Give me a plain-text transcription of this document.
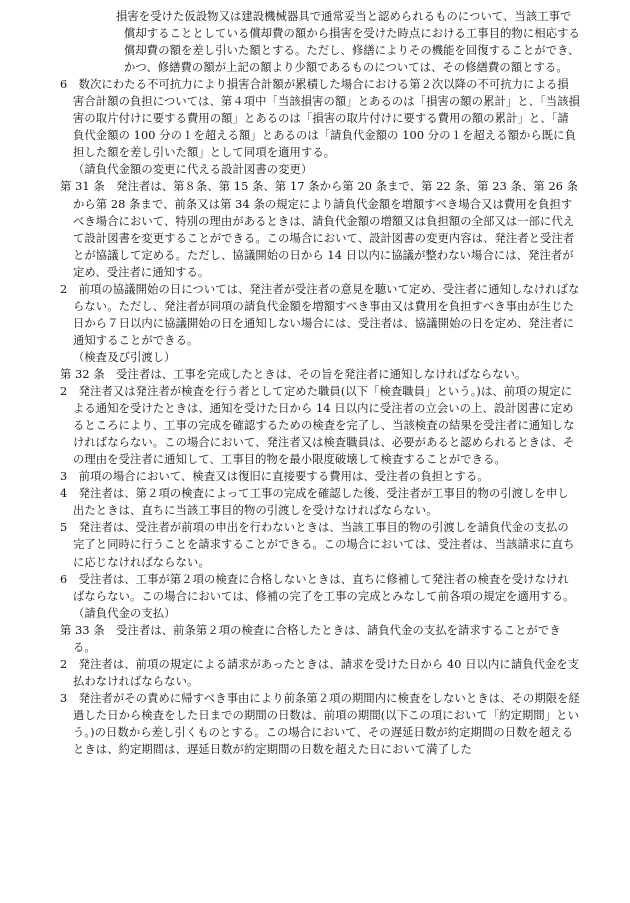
損害を受けた仮設物又は建設機械器具で通常妥当と認められるものについて、当該工事で償却することとしている償却費の額から損害を受けた時点における工事目的物に相応する償却費の額を差し引いた額とする。ただし、修繕によりその機能を回復することができ、かつ、修繕費の額が上記の額より少額であるものについては、その修繕費の額とする。

6　数次にわたる不可抗力により損害合計額が累積した場合における第２次以降の不可抗力による損害合計額の負担については、第４項中「当該損害の額」とあるのは「損害の額の累計」と、「当該損害の取片付けに要する費用の額」とあるのは「損害の取片付けに要する費用の額の累計」と、「請負代金額の 100 分の１を超える額」とあるのは「請負代金額の 100 分の１を超える額から既に負担した額を差し引いた額」として同項を適用する。

（請負代金額の変更に代える設計図書の変更）

第 31 条　発注者は、第８条、第 15 条、第 17 条から第 20 条まで、第 22 条、第 23 条、第 26 条から第 28 条まで、前条又は第 34 条の規定により請負代金額を増額すべき場合又は費用を負担すべき場合において、特別の理由があるときは、請負代金額の増額又は負担額の全部又は一部に代えて設計図書を変更することができる。この場合において、設計図書の変更内容は、発注者と受注者とが協議して定める。ただし、協議開始の日から 14 日以内に協議が整わない場合には、発注者が定め、受注者に通知する。

2　前項の協議開始の日については、発注者が受注者の意見を聴いて定め、受注者に通知しなければならない。ただし、発注者が同項の請負代金額を増額すべき事由又は費用を負担すべき事由が生じた日から７日以内に協議開始の日を通知しない場合には、受注者は、協議開始の日を定め、発注者に通知することができる。

（検査及び引渡し）

第 32 条　受注者は、工事を完成したときは、その旨を発注者に通知しなければならない。

2　発注者又は発注者が検査を行う者として定めた職員(以下「検査職員」という。)は、前項の規定による通知を受けたときは、通知を受けた日から 14 日以内に受注者の立会いの上、設計図書に定めるところにより、工事の完成を確認するための検査を完了し、当該検査の結果を受注者に通知しなければならない。この場合において、発注者又は検査職員は、必要があると認められるときは、その理由を受注者に通知して、工事目的物を最小限度破壊して検査することができる。

3　前項の場合において、検査又は復旧に直接要する費用は、受注者の負担とする。

4　発注者は、第２項の検査によって工事の完成を確認した後、受注者が工事目的物の引渡しを申し出たときは、直ちに当該工事目的物の引渡しを受けなければならない。

5　発注者は、受注者が前項の申出を行わないときは、当該工事目的物の引渡しを請負代金の支払の完了と同時に行うことを請求することができる。この場合においては、受注者は、当該請求に直ちに応じなければならない。

6　受注者は、工事が第２項の検査に合格しないときは、直ちに修補して発注者の検査を受けなければならない。この場合においては、修補の完了を工事の完成とみなして前各項の規定を適用する。

（請負代金の支払）

第 33 条　受注者は、前条第２項の検査に合格したときは、請負代金の支払を請求することができる。

2　発注者は、前項の規定による請求があったときは、請求を受けた日から 40 日以内に請負代金を支払わなければならない。

3　発注者がその責めに帰すべき事由により前条第２項の期間内に検査をしないときは、その期限を経過した日から検査をした日までの期間の日数は、前項の期間(以下この項において「約定期間」という。)の日数から差し引くものとする。この場合において、その遅延日数が約定期間の日数を超えるときは、約定期間は、遅延日数が約定期間の日数を超えた日において満了した
